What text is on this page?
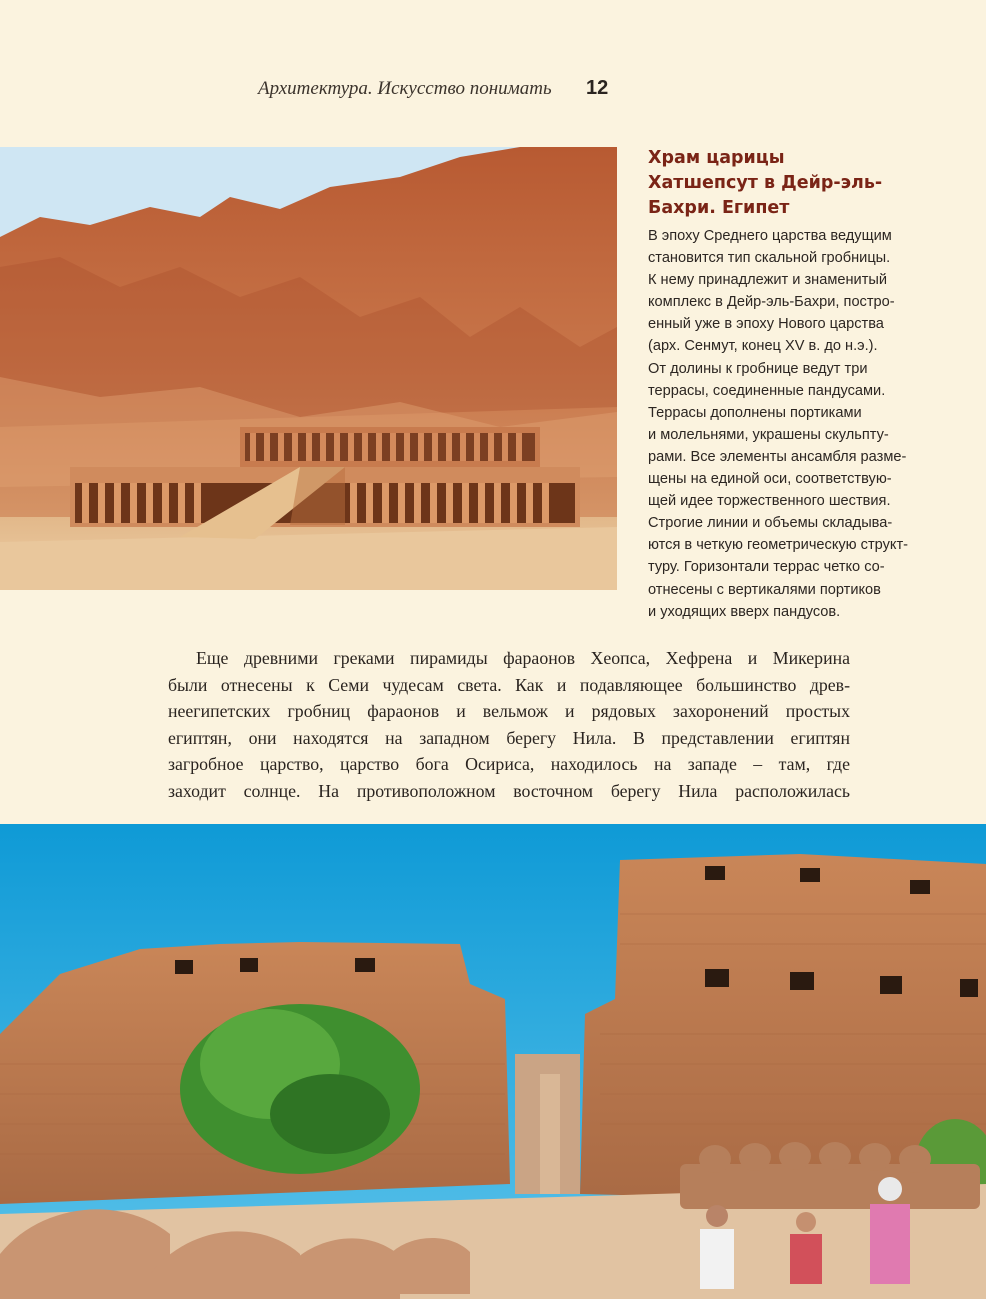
Архитектура. Искусство понимать 12
Храм царицы
Хатшепсут в Дейр-эль-
Бахри. Египет

В эпоху Среднего царства ведущим
становится тип скальной гробницы.
К нему принадлежит и знаменитый
комплекс в Дейр-эль-Бахри, постро-
енный уже в эпоху Нового царства
(арх. Сенмут, конец XV в. до н.э.).
От долины к гробнице ведут три
террасы, соединенные пандусами.
Террасы дополнены портиками
и молельнями, украшены скульпту-
рами. Все элементы ансамбля разме-
щены на единой оси, соответствую-
щей идее торжественного шествия.
Строгие линии и объемы складыва-
ются в четкую геометрическую структ-
туру. Горизонтали террас четко со-
отнесены с вертикалями портиков
и уходящих вверх пандусов.

Еще древними греками пирамиды фараонов Хеопса, Хефрена и Микерина
были отнесены к Семи чудесам света. Как и подавляющее большинство древ-
неегипетских гробниц фараонов и вельмож и рядовых захоронений простых
египтян, они находятся на западном берегу Нила. В представлении египтян
загробное царство, царство бога Осириса, находилось на западе – там, где
заходит солнце. На противоположном восточном берегу Нила расположилась
